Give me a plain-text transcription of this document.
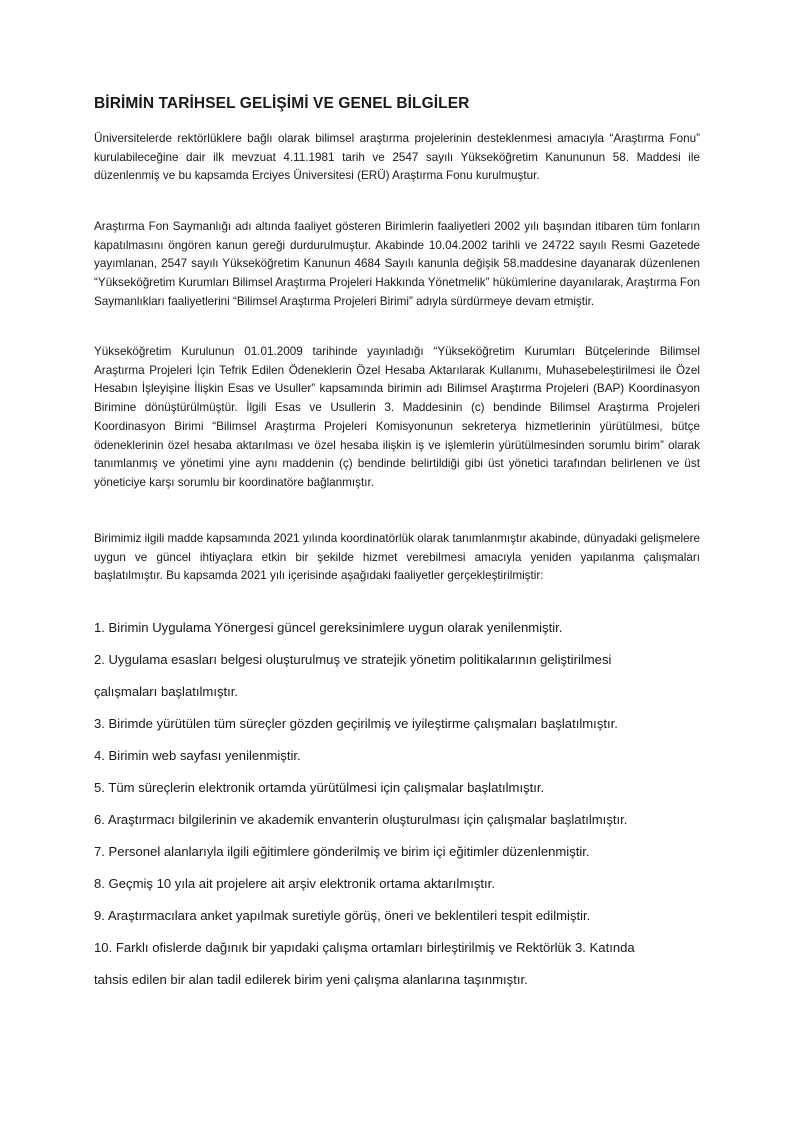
BİRİMİN TARİHSEL GELİŞİMİ VE GENEL BİLGİLER

Üniversitelerde rektörlüklere bağlı olarak bilimsel araştırma projelerinin desteklenmesi amacıyla “Araştırma Fonu” kurulabileceğine dair ilk mevzuat 4.11.1981 tarih ve 2547 sayılı Yükseköğretim Kanununun 58. Maddesi ile düzenlenmiş ve bu kapsamda Erciyes Üniversitesi (ERÜ) Araştırma Fonu kurulmuştur.

Araştırma Fon Saymanlığı adı altında faaliyet gösteren Birimlerin faaliyetleri 2002 yılı başından itibaren tüm fonların kapatılmasını öngören kanun gereği durdurulmuştur. Akabinde 10.04.2002 tarihli ve 24722 sayılı Resmi Gazetede yayımlanan, 2547 sayılı Yükseköğretim Kanunun 4684 Sayılı kanunla değişik 58.maddesine dayanarak düzenlenen “Yükseköğretim Kurumları Bilimsel Araştırma Projeleri Hakkında Yönetmelik” hükümlerine dayanılarak, Araştırma Fon Saymanlıkları faaliyetlerini “Bilimsel Araştırma Projeleri Birimi” adıyla sürdürmeye devam etmiştir.

Yükseköğretim Kurulunun 01.01.2009 tarihinde yayınladığı “Yükseköğretim Kurumları Bütçelerinde Bilimsel Araştırma Projeleri İçin Tefrik Edilen Ödeneklerin Özel Hesaba Aktarılarak Kullanımı, Muhasebeleştirilmesi ile Özel Hesabın İşleyişine İlişkin Esas ve Usuller” kapsamında birimin adı Bilimsel Araştırma Projeleri (BAP) Koordinasyon Birimine dönüştürülmüştür. İlgili Esas ve Usullerin 3. Maddesinin (c) bendinde Bilimsel Araştırma Projeleri Koordinasyon Birimi “Bilimsel Araştırma Projeleri Komisyonunun sekreterya hizmetlerinin yürütülmesi, bütçe ödeneklerinin özel hesaba aktarılması ve özel hesaba ilişkin iş ve işlemlerin yürütülmesinden sorumlu birim” olarak tanımlanmış ve yönetimi yine aynı maddenin (ç) bendinde belirtildiği gibi üst yönetici tarafından belirlenen ve üst yöneticiye karşı sorumlu bir koordinatöre bağlanmıştır.

Birimimiz ilgili madde kapsamında 2021 yılında koordinatörlük olarak tanımlanmıştır akabinde, dünyadaki gelişmelere uygun ve güncel ihtiyaçlara etkin bir şekilde hizmet verebilmesi amacıyla yeniden yapılanma çalışmaları başlatılmıştır. Bu kapsamda 2021 yılı içerisinde aşağıdaki faaliyetler gerçekleştirilmiştir:

1. Birimin Uygulama Yönergesi güncel gereksinimlere uygun olarak yenilenmiştir.
2. Uygulama esasları belgesi oluşturulmuş ve stratejik yönetim politikalarının geliştirilmesi
çalışmaları başlatılmıştır.
3. Birimde yürütülen tüm süreçler gözden geçirilmiş ve iyileştirme çalışmaları başlatılmıştır.
4. Birimin web sayfası yenilenmiştir.
5. Tüm süreçlerin elektronik ortamda yürütülmesi için çalışmalar başlatılmıştır.
6. Araştırmacı bilgilerinin ve akademik envanterin oluşturulması için çalışmalar başlatılmıştır.
7. Personel alanlarıyla ilgili eğitimlere gönderilmiş ve birim içi eğitimler düzenlenmiştir.
8. Geçmiş 10 yıla ait projelere ait arşiv elektronik ortama aktarılmıştır.
9. Araştırmacılara anket yapılmak suretiyle görüş, öneri ve beklentileri tespit edilmiştir.
10. Farklı ofislerde dağınık bir yapıdaki çalışma ortamları birleştirilmiş ve Rektörlük 3. Katında
tahsis edilen bir alan tadil edilerek birim yeni çalışma alanlarına taşınmıştır.
